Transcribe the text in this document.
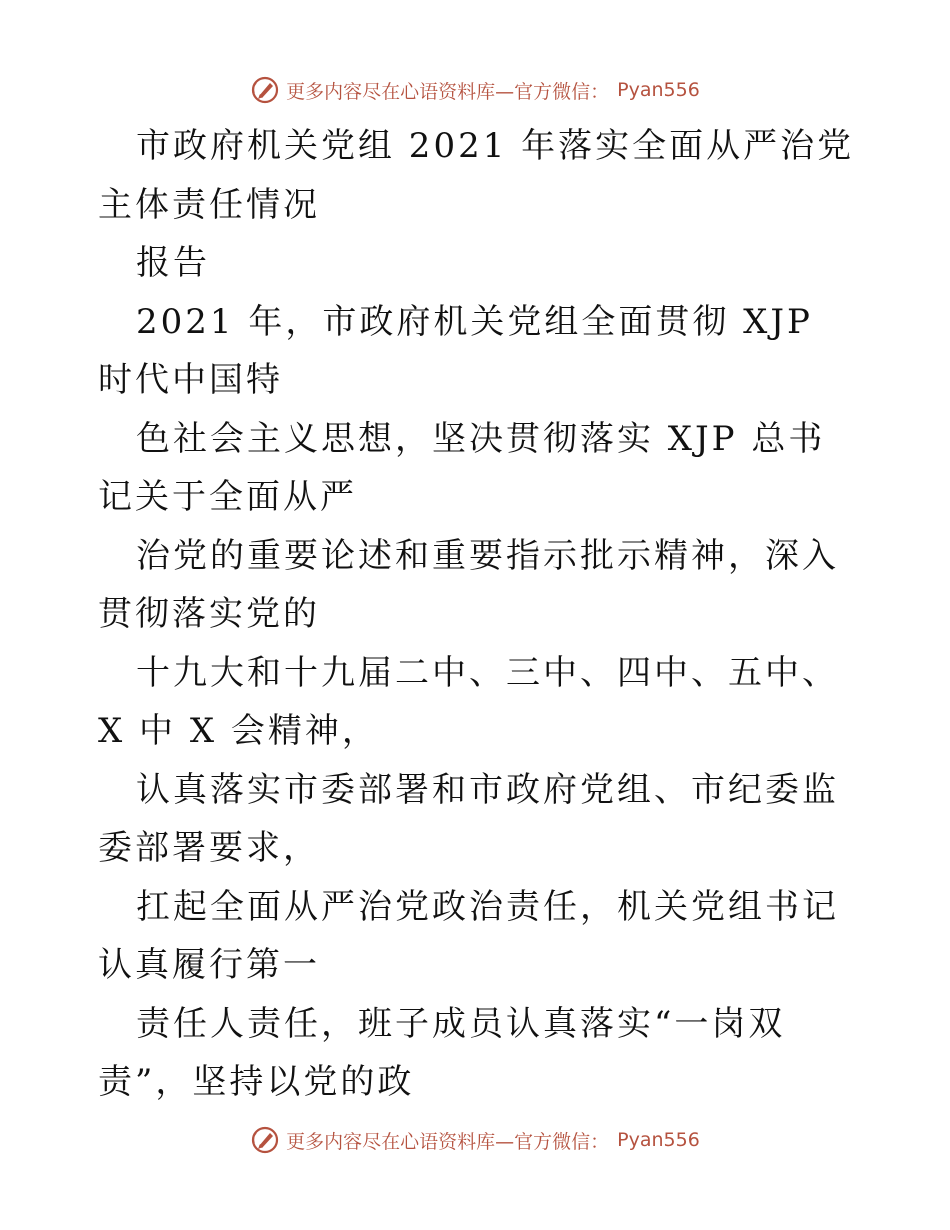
更多内容尽在心语资料库—官方微信： Pyan556

市政府机关党组 2021 年落实全面从严治党主体责任情况

报告

2021 年，市政府机关党组全面贯彻 XJP 时代中国特

色社会主义思想，坚决贯彻落实 XJP 总书记关于全面从严

治党的重要论述和重要指示批示精神，深入贯彻落实党的

十九大和十九届二中、三中、四中、五中、X 中 X 会精神，

认真落实市委部署和市政府党组、市纪委监委部署要求，

扛起全面从严治党政治责任，机关党组书记认真履行第一

责任人责任，班子成员认真落实“一岗双责”，坚持以党的政

更多内容尽在心语资料库—官方微信： Pyan556
